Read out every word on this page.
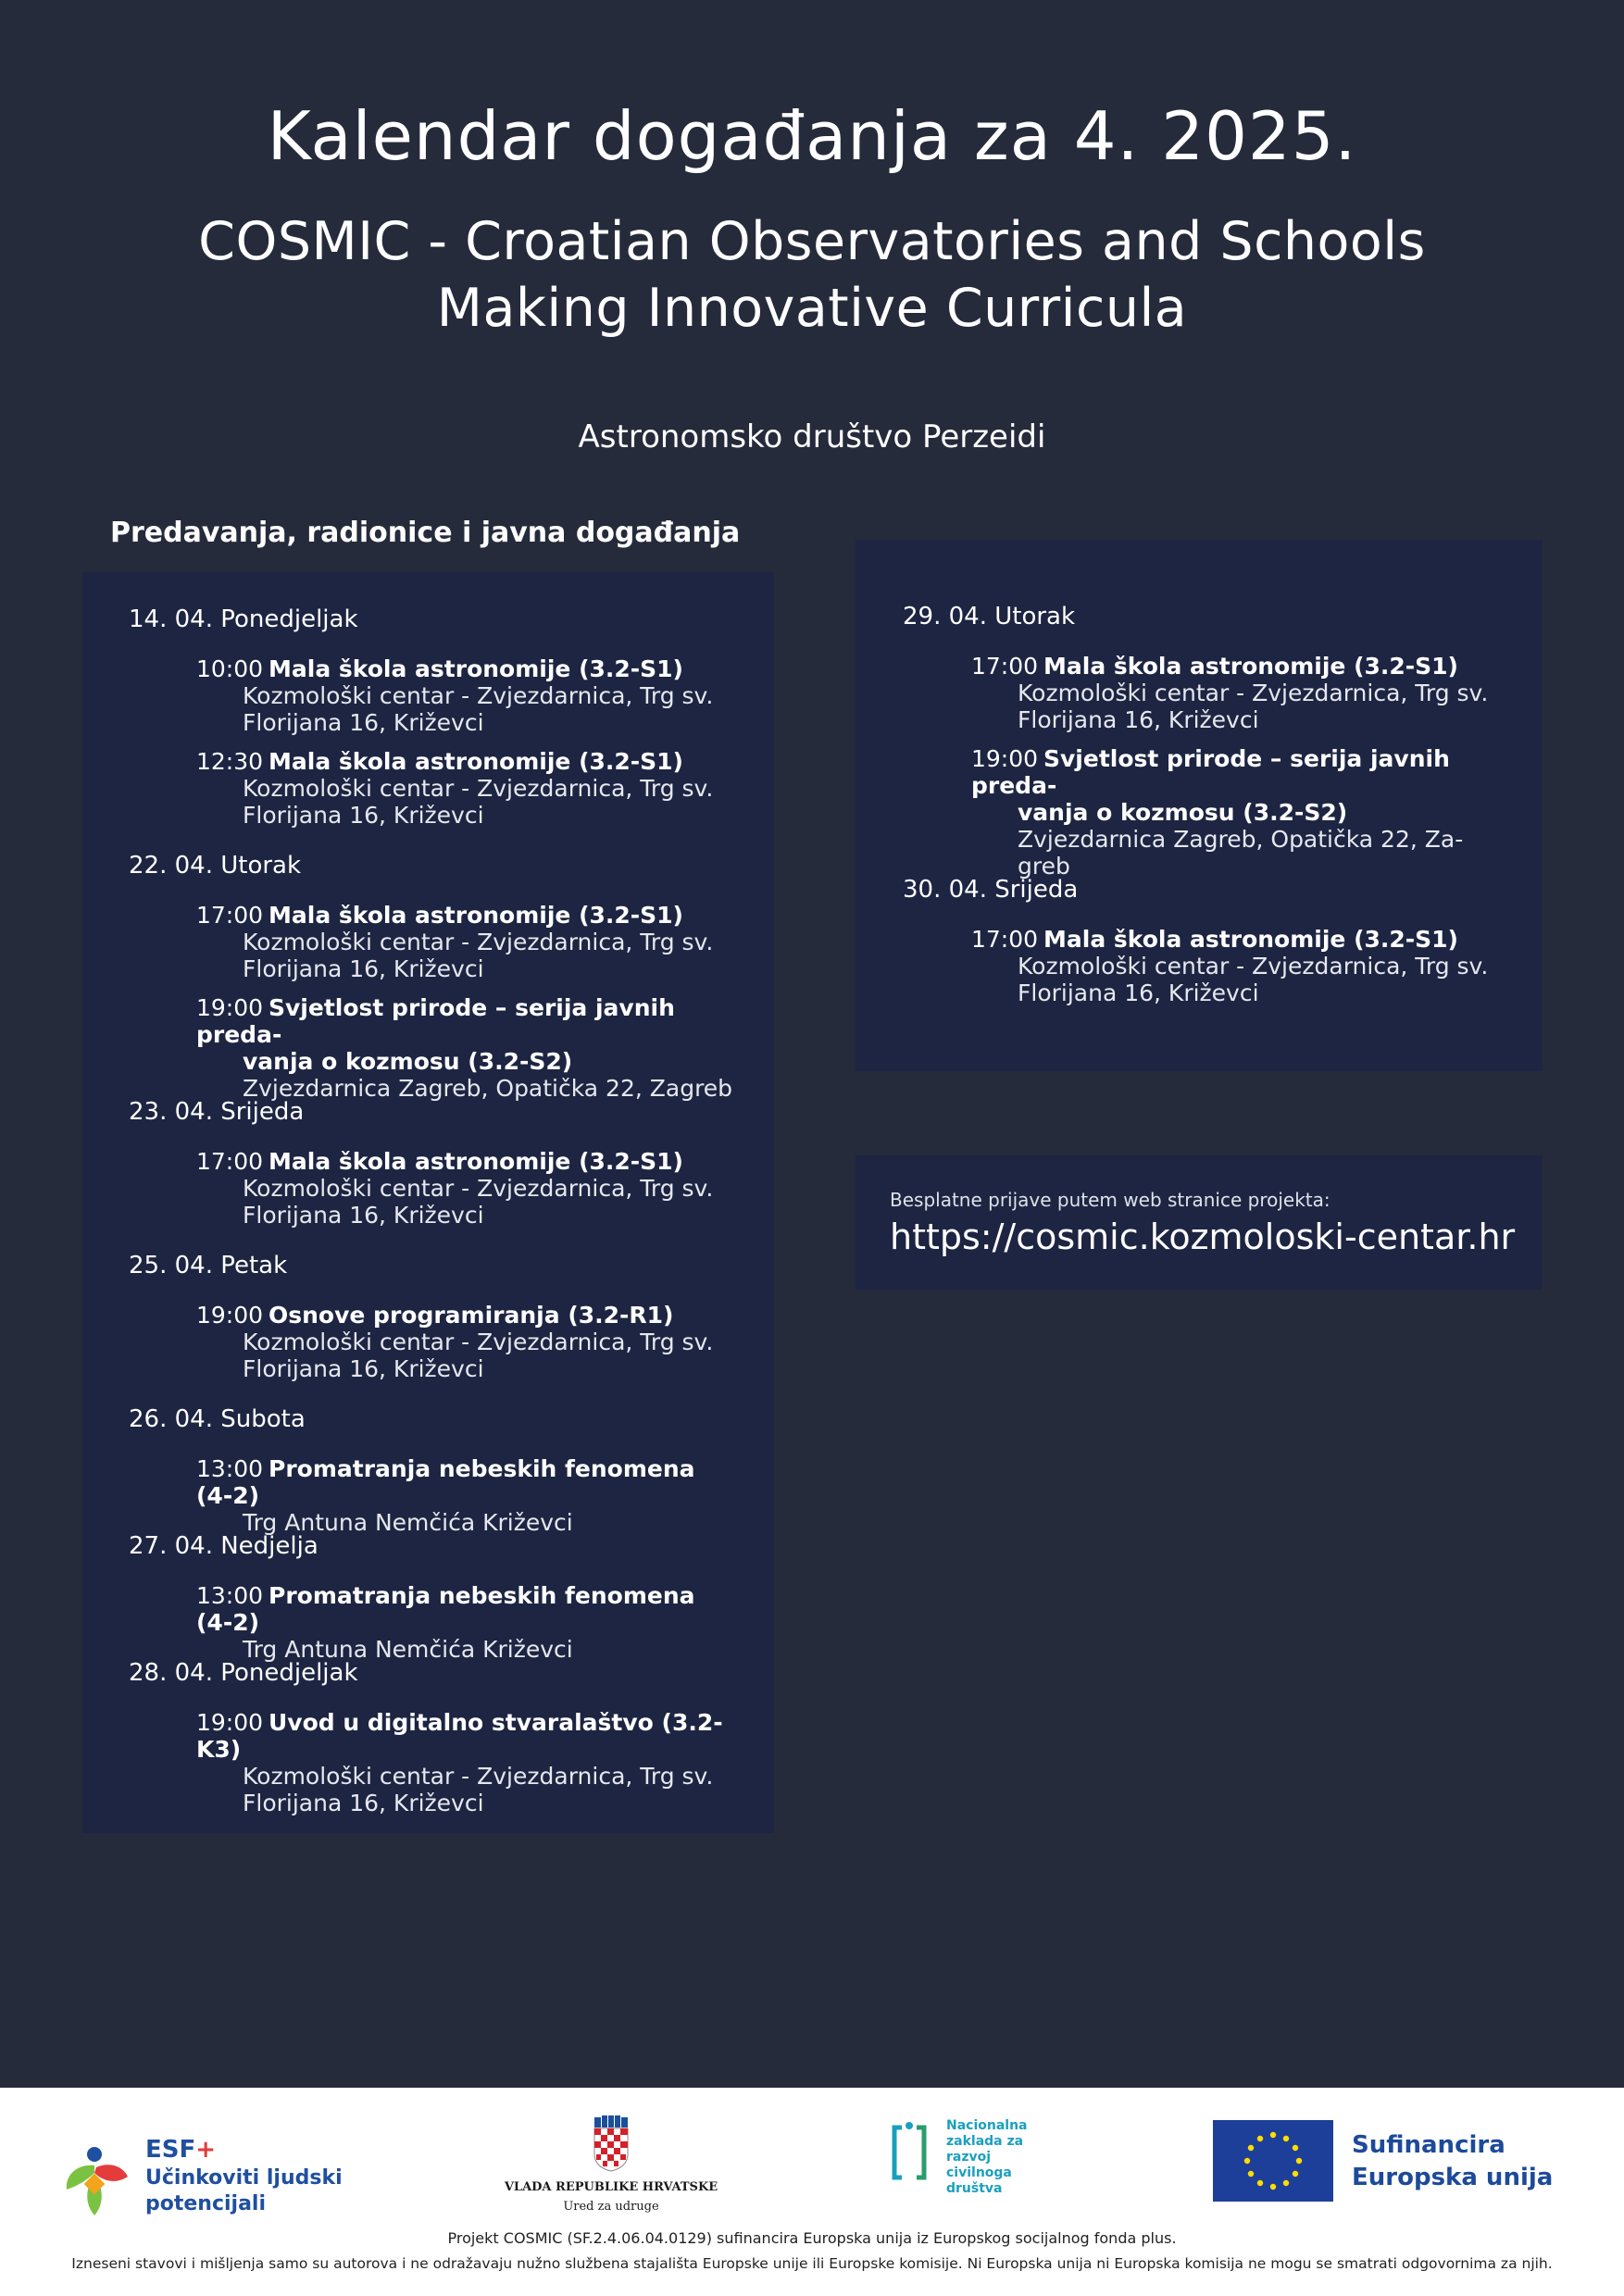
Kalendar događanja za 4. 2025.
COSMIC - Croatian Observatories and Schools
Making Innovative Curricula
Astronomsko društvo Perzeidi
Predavanja, radionice i javna događanja
14. 04. Ponedjeljak
10:00 Mala škola astronomije (3.2-S1)
Kozmološki centar - Zvjezdarnica, Trg sv.
Florijana 16, Križevci
12:30 Mala škola astronomije (3.2-S1)
Kozmološki centar - Zvjezdarnica, Trg sv.
Florijana 16, Križevci
22. 04. Utorak
17:00 Mala škola astronomije (3.2-S1)
Kozmološki centar - Zvjezdarnica, Trg sv.
Florijana 16, Križevci
19:00 Svjetlost prirode – serija javnih preda-
vanja o kozmosu (3.2-S2)
Zvjezdarnica Zagreb, Opatička 22, Zagreb
23. 04. Srijeda
17:00 Mala škola astronomije (3.2-S1)
Kozmološki centar - Zvjezdarnica, Trg sv.
Florijana 16, Križevci
25. 04. Petak
19:00 Osnove programiranja (3.2-R1)
Kozmološki centar - Zvjezdarnica, Trg sv.
Florijana 16, Križevci
26. 04. Subota
13:00 Promatranja nebeskih fenomena (4-2)
Trg Antuna Nemčića Križevci
27. 04. Nedjelja
13:00 Promatranja nebeskih fenomena (4-2)
Trg Antuna Nemčića Križevci
28. 04. Ponedjeljak
19:00 Uvod u digitalno stvaralaštvo (3.2-K3)
Kozmološki centar - Zvjezdarnica, Trg sv.
Florijana 16, Križevci
29. 04. Utorak
17:00 Mala škola astronomije (3.2-S1)
Kozmološki centar - Zvjezdarnica, Trg sv.
Florijana 16, Križevci
19:00 Svjetlost prirode – serija javnih preda-
vanja o kozmosu (3.2-S2)
Zvjezdarnica Zagreb, Opatička 22, Za-
greb
30. 04. Srijeda
17:00 Mala škola astronomije (3.2-S1)
Kozmološki centar - Zvjezdarnica, Trg sv.
Florijana 16, Križevci
Besplatne prijave putem web stranice projekta:
https://cosmic.kozmoloski-centar.hr
ESF+
Učinkoviti ljudski
potencijali
VLADA REPUBLIKE HRVATSKE
Ured za udruge
Nacionalna
zaklada za
razvoj
civilnoga
društva
Sufinancira
Europska unija
Projekt COSMIC (SF.2.4.06.04.0129) sufinancira Europska unija iz Europskog socijalnog fonda plus.
Izneseni stavovi i mišljenja samo su autorova i ne odražavaju nužno službena stajališta Europske unije ili Europske komisije. Ni Europska unija ni Europska komisija ne mogu se smatrati odgovornima za njih.
